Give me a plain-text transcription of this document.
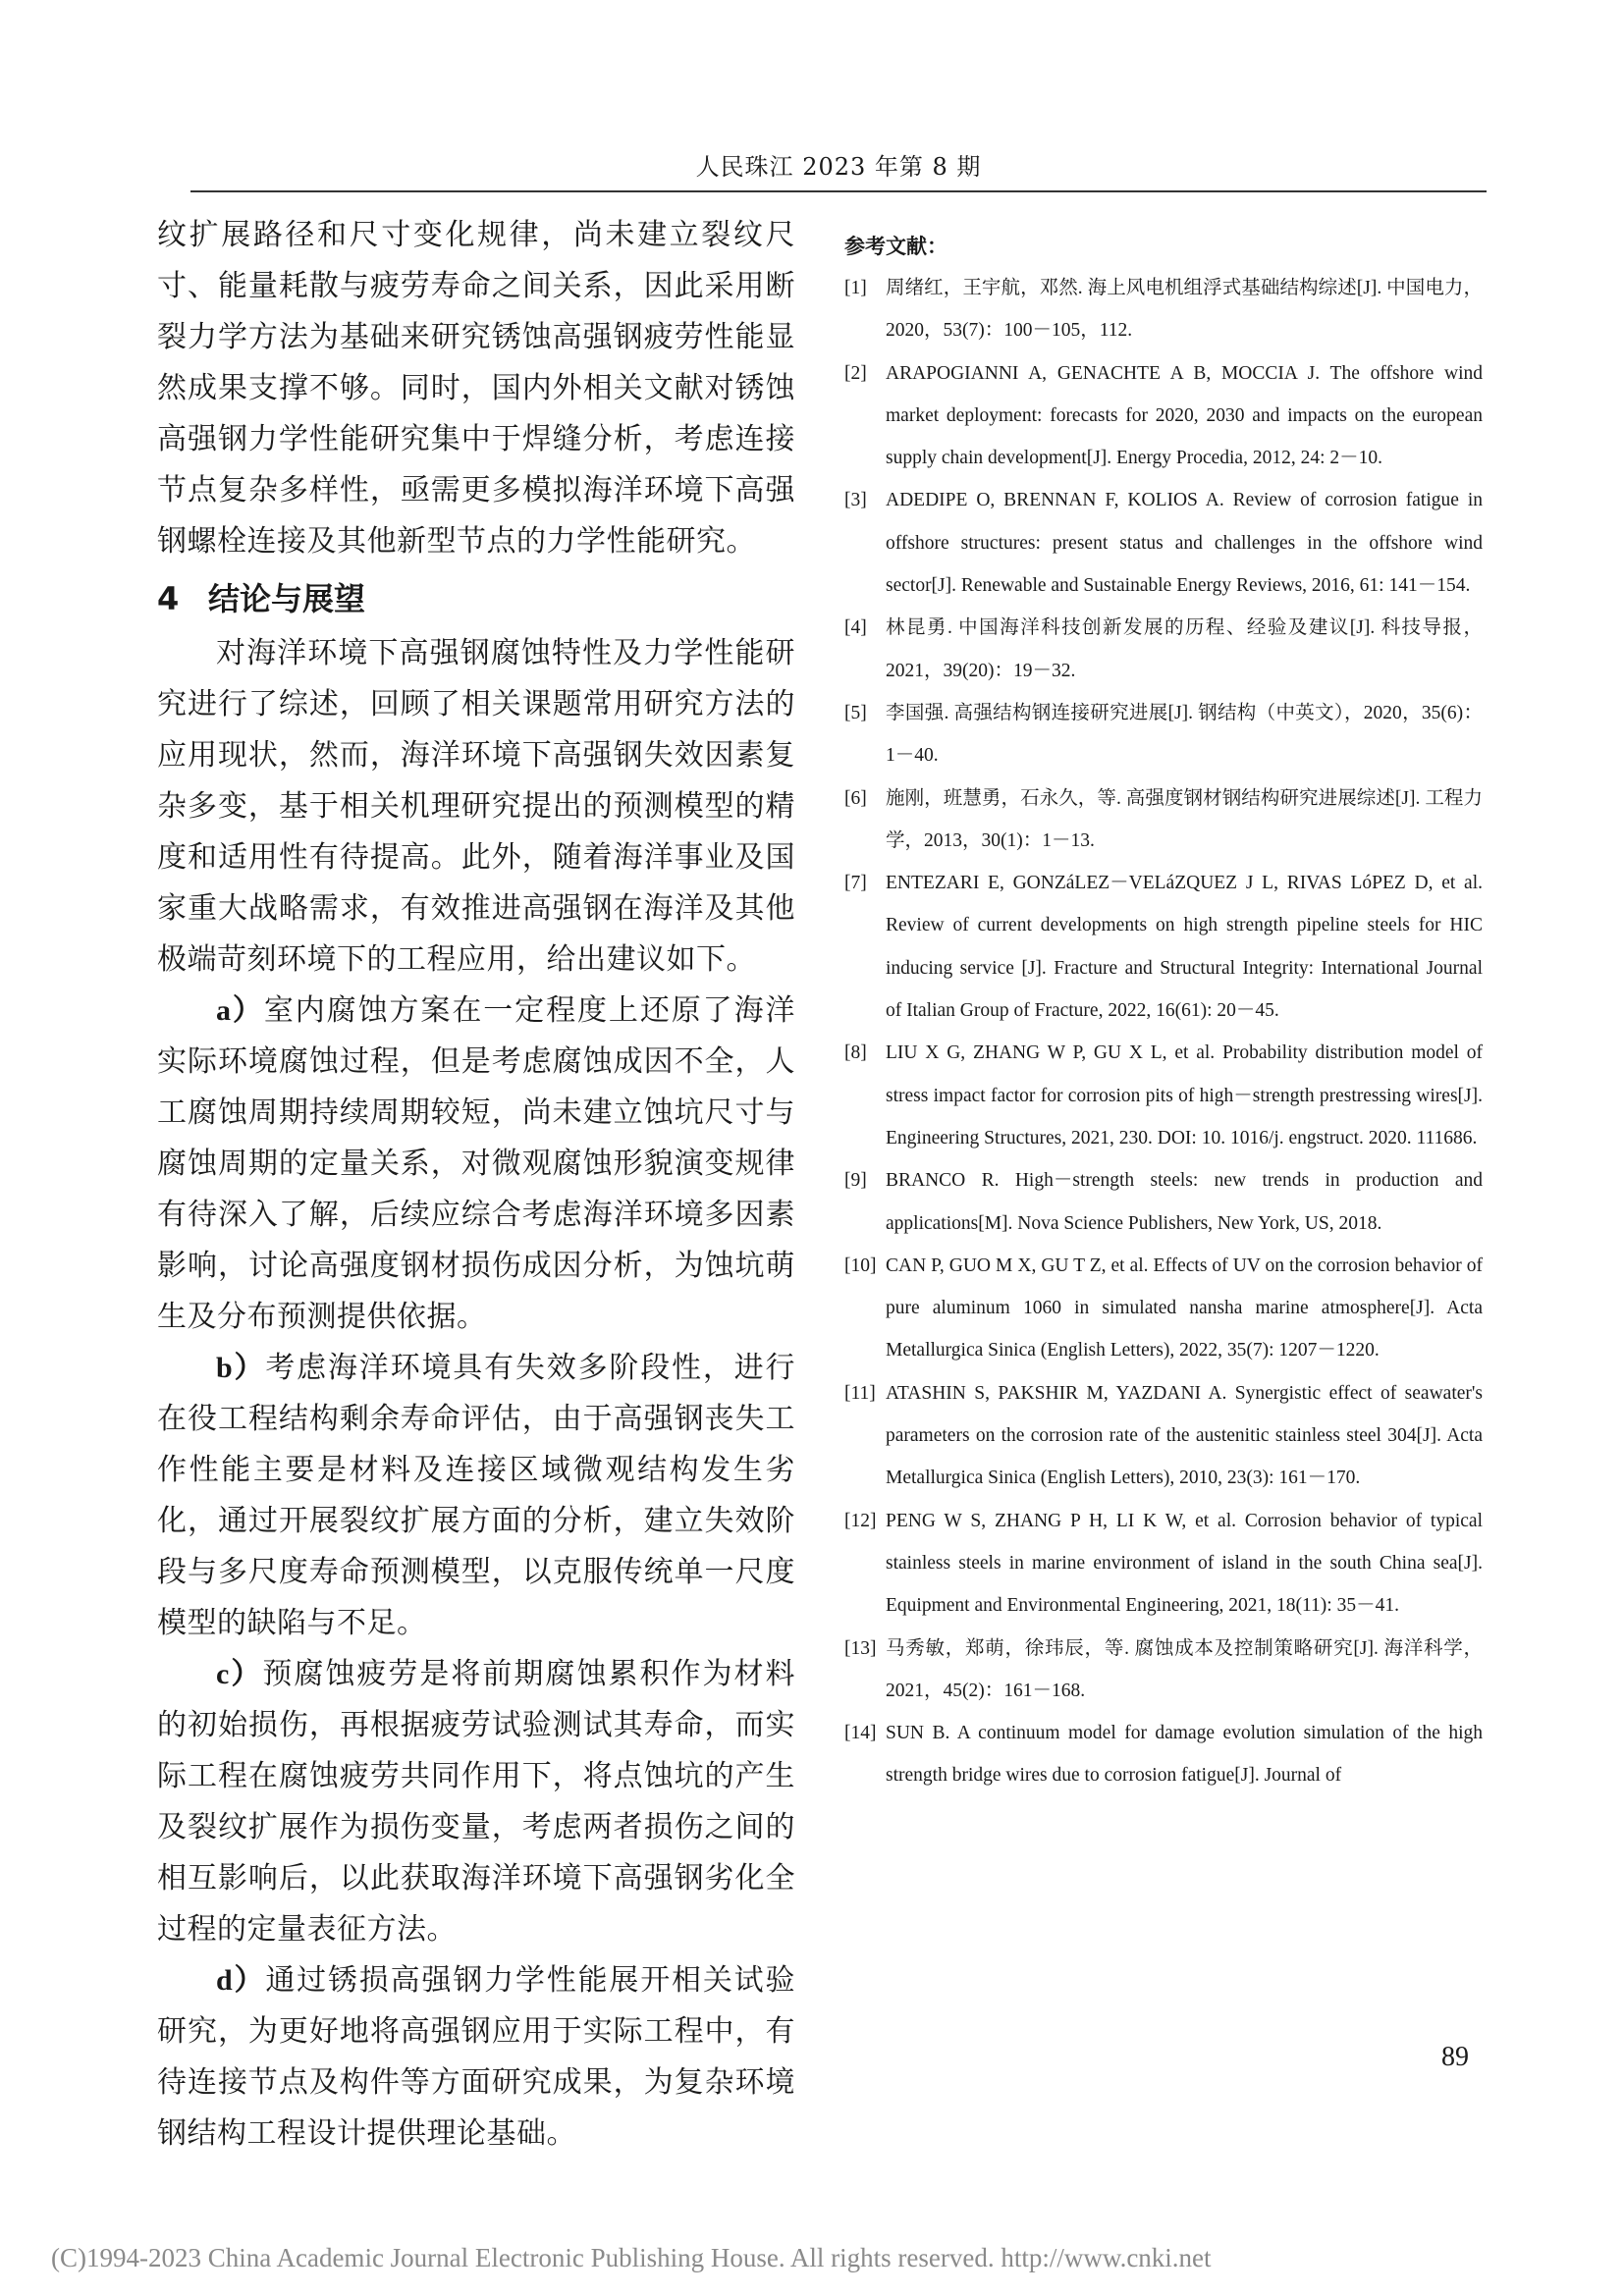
人民珠江 2023 年第 8 期

纹扩展路径和尺寸变化规律，尚未建立裂纹尺寸、能量耗散与疲劳寿命之间关系，因此采用断裂力学方法为基础来研究锈蚀高强钢疲劳性能显然成果支撑不够。同时，国内外相关文献对锈蚀高强钢力学性能研究集中于焊缝分析，考虑连接节点复杂多样性，亟需更多模拟海洋环境下高强钢螺栓连接及其他新型节点的力学性能研究。

4 结论与展望

对海洋环境下高强钢腐蚀特性及力学性能研究进行了综述，回顾了相关课题常用研究方法的应用现状，然而，海洋环境下高强钢失效因素复杂多变，基于相关机理研究提出的预测模型的精度和适用性有待提高。此外，随着海洋事业及国家重大战略需求，有效推进高强钢在海洋及其他极端苛刻环境下的工程应用，给出建议如下。

a）室内腐蚀方案在一定程度上还原了海洋实际环境腐蚀过程，但是考虑腐蚀成因不全，人工腐蚀周期持续周期较短，尚未建立蚀坑尺寸与腐蚀周期的定量关系，对微观腐蚀形貌演变规律有待深入了解，后续应综合考虑海洋环境多因素影响，讨论高强度钢材损伤成因分析，为蚀坑萌生及分布预测提供依据。

b）考虑海洋环境具有失效多阶段性，进行在役工程结构剩余寿命评估，由于高强钢丧失工作性能主要是材料及连接区域微观结构发生劣化，通过开展裂纹扩展方面的分析，建立失效阶段与多尺度寿命预测模型，以克服传统单一尺度模型的缺陷与不足。

c）预腐蚀疲劳是将前期腐蚀累积作为材料的初始损伤，再根据疲劳试验测试其寿命，而实际工程在腐蚀疲劳共同作用下，将点蚀坑的产生及裂纹扩展作为损伤变量，考虑两者损伤之间的相互影响后，以此获取海洋环境下高强钢劣化全过程的定量表征方法。

d）通过锈损高强钢力学性能展开相关试验研究，为更好地将高强钢应用于实际工程中，有待连接节点及构件等方面研究成果，为复杂环境钢结构工程设计提供理论基础。

参考文献：

[1] 周绪红，王宇航，邓然. 海上风电机组浮式基础结构综述[J]. 中国电力，2020，53(7)：100－105，112.

[2] ARAPOGIANNI A, GENACHTE A B, MOCCIA J. The offshore wind market deployment: forecasts for 2020, 2030 and impacts on the european supply chain development[J]. Energy Procedia, 2012, 24: 2－10.

[3] ADEDIPE O, BRENNAN F, KOLIOS A. Review of corrosion fatigue in offshore structures: present status and challenges in the offshore wind sector[J]. Renewable and Sustainable Energy Reviews, 2016, 61: 141－154.

[4] 林昆勇. 中国海洋科技创新发展的历程、经验及建议[J]. 科技导报，2021，39(20)：19－32.

[5] 李国强. 高强结构钢连接研究进展[J]. 钢结构（中英文），2020，35(6)：1－40.

[6] 施刚，班慧勇，石永久，等. 高强度钢材钢结构研究进展综述[J]. 工程力学，2013，30(1)：1－13.

[7] ENTEZARI E, GONZáLEZ－VELáZQUEZ J L, RIVAS LóPEZ D, et al. Review of current developments on high strength pipeline steels for HIC inducing service [J]. Fracture and Structural Integrity: International Journal of Italian Group of Fracture, 2022, 16(61): 20－45.

[8] LIU X G, ZHANG W P, GU X L, et al. Probability distribution model of stress impact factor for corrosion pits of high－strength prestressing wires[J]. Engineering Structures, 2021, 230. DOI: 10. 1016/j. engstruct. 2020. 111686.

[9] BRANCO R. High－strength steels: new trends in production and applications[M]. Nova Science Publishers, New York, US, 2018.

[10] CAN P, GUO M X, GU T Z, et al. Effects of UV on the corrosion behavior of pure aluminum 1060 in simulated nansha marine atmosphere[J]. Acta Metallurgica Sinica (English Letters), 2022, 35(7): 1207－1220.

[11] ATASHIN S, PAKSHIR M, YAZDANI A. Synergistic effect of seawater's parameters on the corrosion rate of the austenitic stainless steel 304[J]. Acta Metallurgica Sinica (English Letters), 2010, 23(3): 161－170.

[12] PENG W S, ZHANG P H, LI K W, et al. Corrosion behavior of typical stainless steels in marine environment of island in the south China sea[J]. Equipment and Environmental Engineering, 2021, 18(11): 35－41.

[13] 马秀敏，郑萌，徐玮辰，等. 腐蚀成本及控制策略研究[J]. 海洋科学，2021，45(2)：161－168.

[14] SUN B. A continuum model for damage evolution simulation of the high strength bridge wires due to corrosion fatigue[J]. Journal of

89
(C)1994-2023 China Academic Journal Electronic Publishing House. All rights reserved. http://www.cnki.net
